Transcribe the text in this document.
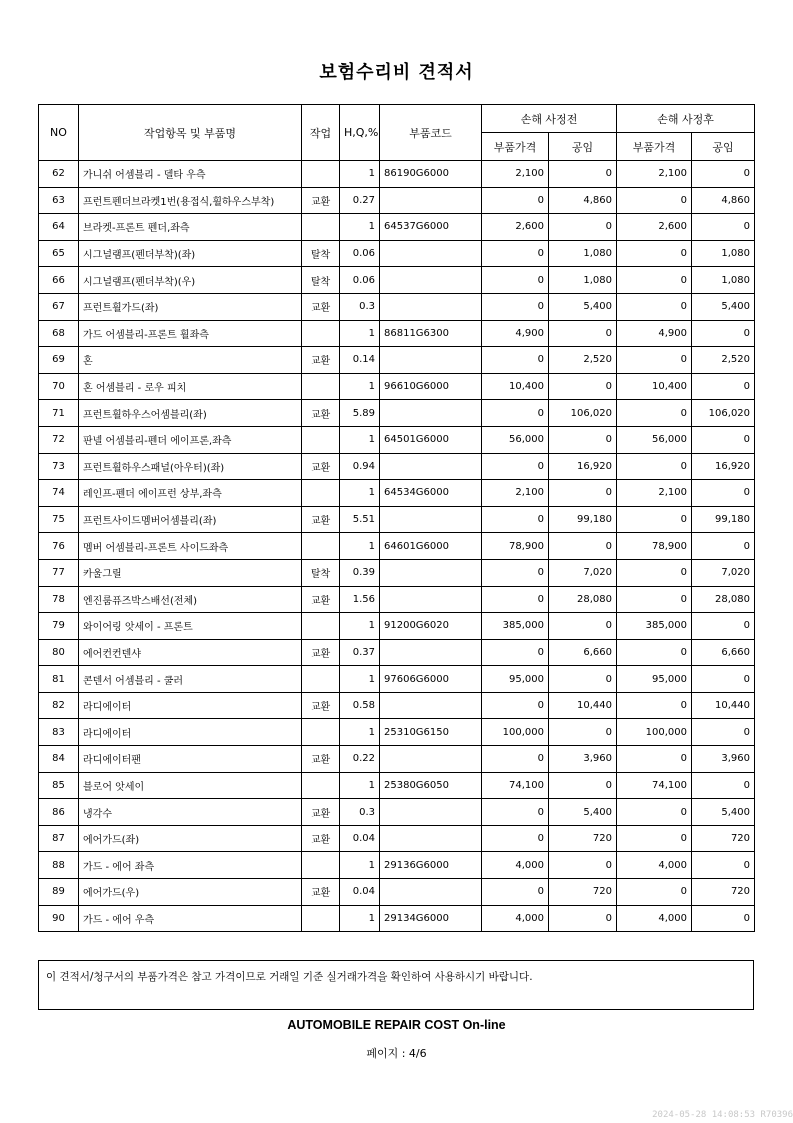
보험수리비 견적서
NO	작업항목 및 부품명	작업	H,Q,%	부품코드	손해 사정전		손해 사정후	
					부품가격	공임	부품가격	공임
62	가니쉬 어셈블리 - 델타 우측		1	86190G6000	2,100	0	2,100	0
63	프런트펜더브라켓1번(용접식,휠하우스부착)	교환	0.27		0	4,860	0	4,860
64	브라켓-프론트 펜더,좌측		1	64537G6000	2,600	0	2,600	0
65	시그널램프(펜더부착)(좌)	탈착	0.06		0	1,080	0	1,080
66	시그널램프(펜더부착)(우)	탈착	0.06		0	1,080	0	1,080
67	프런트휠가드(좌)	교환	0.3		0	5,400	0	5,400
68	가드 어셈블리-프론트 휠좌측		1	86811G6300	4,900	0	4,900	0
69	혼	교환	0.14		0	2,520	0	2,520
70	혼 어셈블리 - 로우 피치		1	96610G6000	10,400	0	10,400	0
71	프런트휠하우스어셈블리(좌)	교환	5.89		0	106,020	0	106,020
72	판넬 어셈블리-펜더 에이프론,좌측		1	64501G6000	56,000	0	56,000	0
73	프런트휠하우스패널(아우터)(좌)	교환	0.94		0	16,920	0	16,920
74	레인프-펜더 에이프런 상부,좌측		1	64534G6000	2,100	0	2,100	0
75	프런트사이드멤버어셈블리(좌)	교환	5.51		0	99,180	0	99,180
76	멤버 어셈블리-프론트 사이드좌측		1	64601G6000	78,900	0	78,900	0
77	카울그릴	탈착	0.39		0	7,020	0	7,020
78	엔진룸퓨즈박스배선(전체)	교환	1.56		0	28,080	0	28,080
79	와이어링 앗세이 - 프론트		1	91200G6020	385,000	0	385,000	0
80	에어컨컨덴샤	교환	0.37		0	6,660	0	6,660
81	콘덴서 어셈블리 - 쿨러		1	97606G6000	95,000	0	95,000	0
82	라디에이터	교환	0.58		0	10,440	0	10,440
83	라디에이터		1	25310G6150	100,000	0	100,000	0
84	라디에이터팬	교환	0.22		0	3,960	0	3,960
85	블로어 앗세이		1	25380G6050	74,100	0	74,100	0
86	냉각수	교환	0.3		0	5,400	0	5,400
87	에어가드(좌)	교환	0.04		0	720	0	720
88	가드 - 에어 좌측		1	29136G6000	4,000	0	4,000	0
89	에어가드(우)	교환	0.04		0	720	0	720
90	가드 - 에어 우측		1	29134G6000	4,000	0	4,000	0
이 견적서/청구서의 부품가격은 참고 가격이므로 거래일 기준 실거래가격을 확인하여 사용하시기 바랍니다.
AUTOMOBILE REPAIR COST On-line
페이지 : 4/6
2024-05-28 14:08:53 R70396
